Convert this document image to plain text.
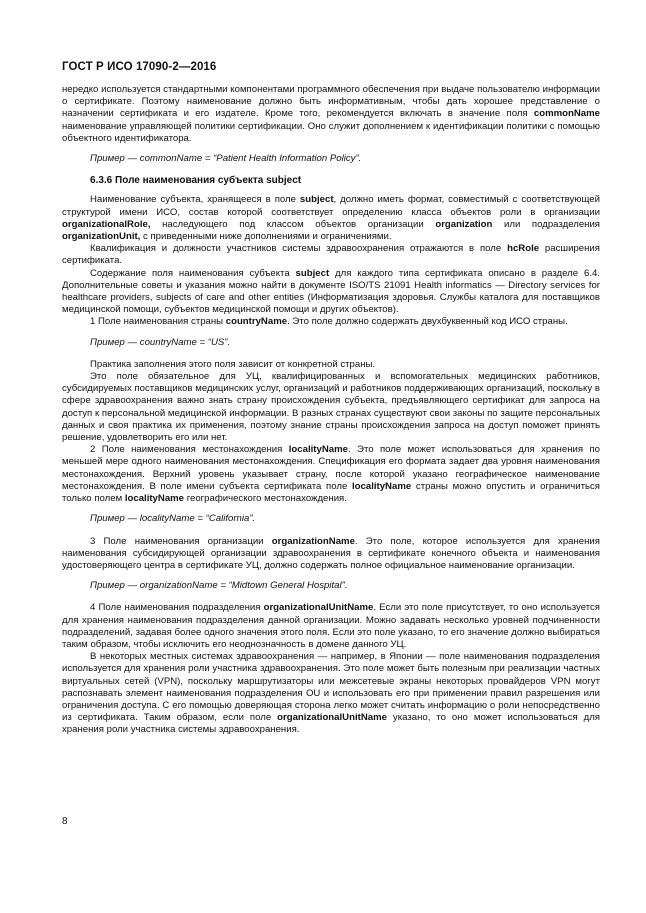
ГОСТ Р ИСО 17090-2—2016

нередко используется стандартными компонентами программного обеспечения при выдаче пользователю информации о сертификате. Поэтому наименование должно быть информативным, чтобы дать хорошее представление о назначении сертификата и его издателе. Кроме того, рекомендуется включать в значение поля commonName наименование управляющей политики сертификации. Оно служит дополнением к идентификации политики с помощью объектного идентификатора.

Пример — commonName = “Patient Health Information Policy”.

6.3.6 Поле наименования субъекта subject

Наименование субъекта, хранящееся в поле subject, должно иметь формат, совместимый с соответствующей структурой имени ИСО, состав которой соответствует определению класса объектов роли в организации organizationalRole, наследующего под классом объектов организации organization или подразделения organizationUnit, с приведенными ниже дополнениями и ограничениями.

Квалификация и должности участников системы здравоохранения отражаются в поле hcRole расширения сертификата.

Содержание поля наименования субъекта subject для каждого типа сертификата описано в разделе 6.4. Дополнительные советы и указания можно найти в документе ISO/TS 21091 Health informatics — Directory services for healthcare providers, subjects of care and other entities (Информатизация здоровья. Службы каталога для поставщиков медицинской помощи, субъектов медицинской помощи и других объектов).

1 Поле наименования страны countryName. Это поле должно содержать двухбуквенный код ИСО страны.

Пример — countryName = “US”.

Практика заполнения этого поля зависит от конкретной страны.

Это поле обязательное для УЦ, квалифицированных и вспомогательных медицинских работников, субсидируемых поставщиков медицинских услуг, организаций и работников поддерживающих организаций, поскольку в сфере здравоохранения важно знать страну происхождения субъекта, предъявляющего сертификат для запроса на доступ к персональной медицинской информации. В разных странах существуют свои законы по защите персональных данных и своя практика их применения, поэтому знание страны происхождения запроса на доступ поможет принять решение, удовлетворить его или нет.

2 Поле наименования местонахождения localityName. Это поле может использоваться для хранения по меньшей мере одного наименования местонахождения. Спецификация его формата задает два уровня наименования местонахождения. Верхний уровень указывает страну, после которой указано географическое наименование местонахождения. В поле имени субъекта сертификата поле localityName страны можно опустить и ограничиться только полем localityName географического местонахождения.

Пример — localityName = “California”.

3 Поле наименования организации organizationName. Это поле, которое используется для хранения наименования субсидирующей организации здравоохранения в сертификате конечного объекта и наименования удостоверяющего центра в сертификате УЦ, должно содержать полное официальное наименование организации.

Пример — organizationName = “Midtown General Hospital”.

4 Поле наименования подразделения organizationalUnitName. Если это поле присутствует, то оно используется для хранения наименования подразделения данной организации. Можно задавать несколько уровней подчиненности подразделений, задавая более одного значения этого поля. Если это поле указано, то его значение должно выбираться таким образом, чтобы исключить его неоднозначность в домене данного УЦ.

В некоторых местных системах здравоохранения — например, в Японии — поле наименования подразделения используется для хранения роли участника здравоохранения. Это поле может быть полезным при реализации частных виртуальных сетей (VPN), поскольку маршрутизаторы или межсетевые экраны некоторых провайдеров VPN могут распознавать элемент наименования подразделения OU и использовать его при применении правил разрешения или ограничения доступа. С его помощью доверяющая сторона легко может считать информацию о роли непосредственно из сертификата. Таким образом, если поле organizationalUnitName указано, то оно может использоваться для хранения роли участника системы здравоохранения.

8
